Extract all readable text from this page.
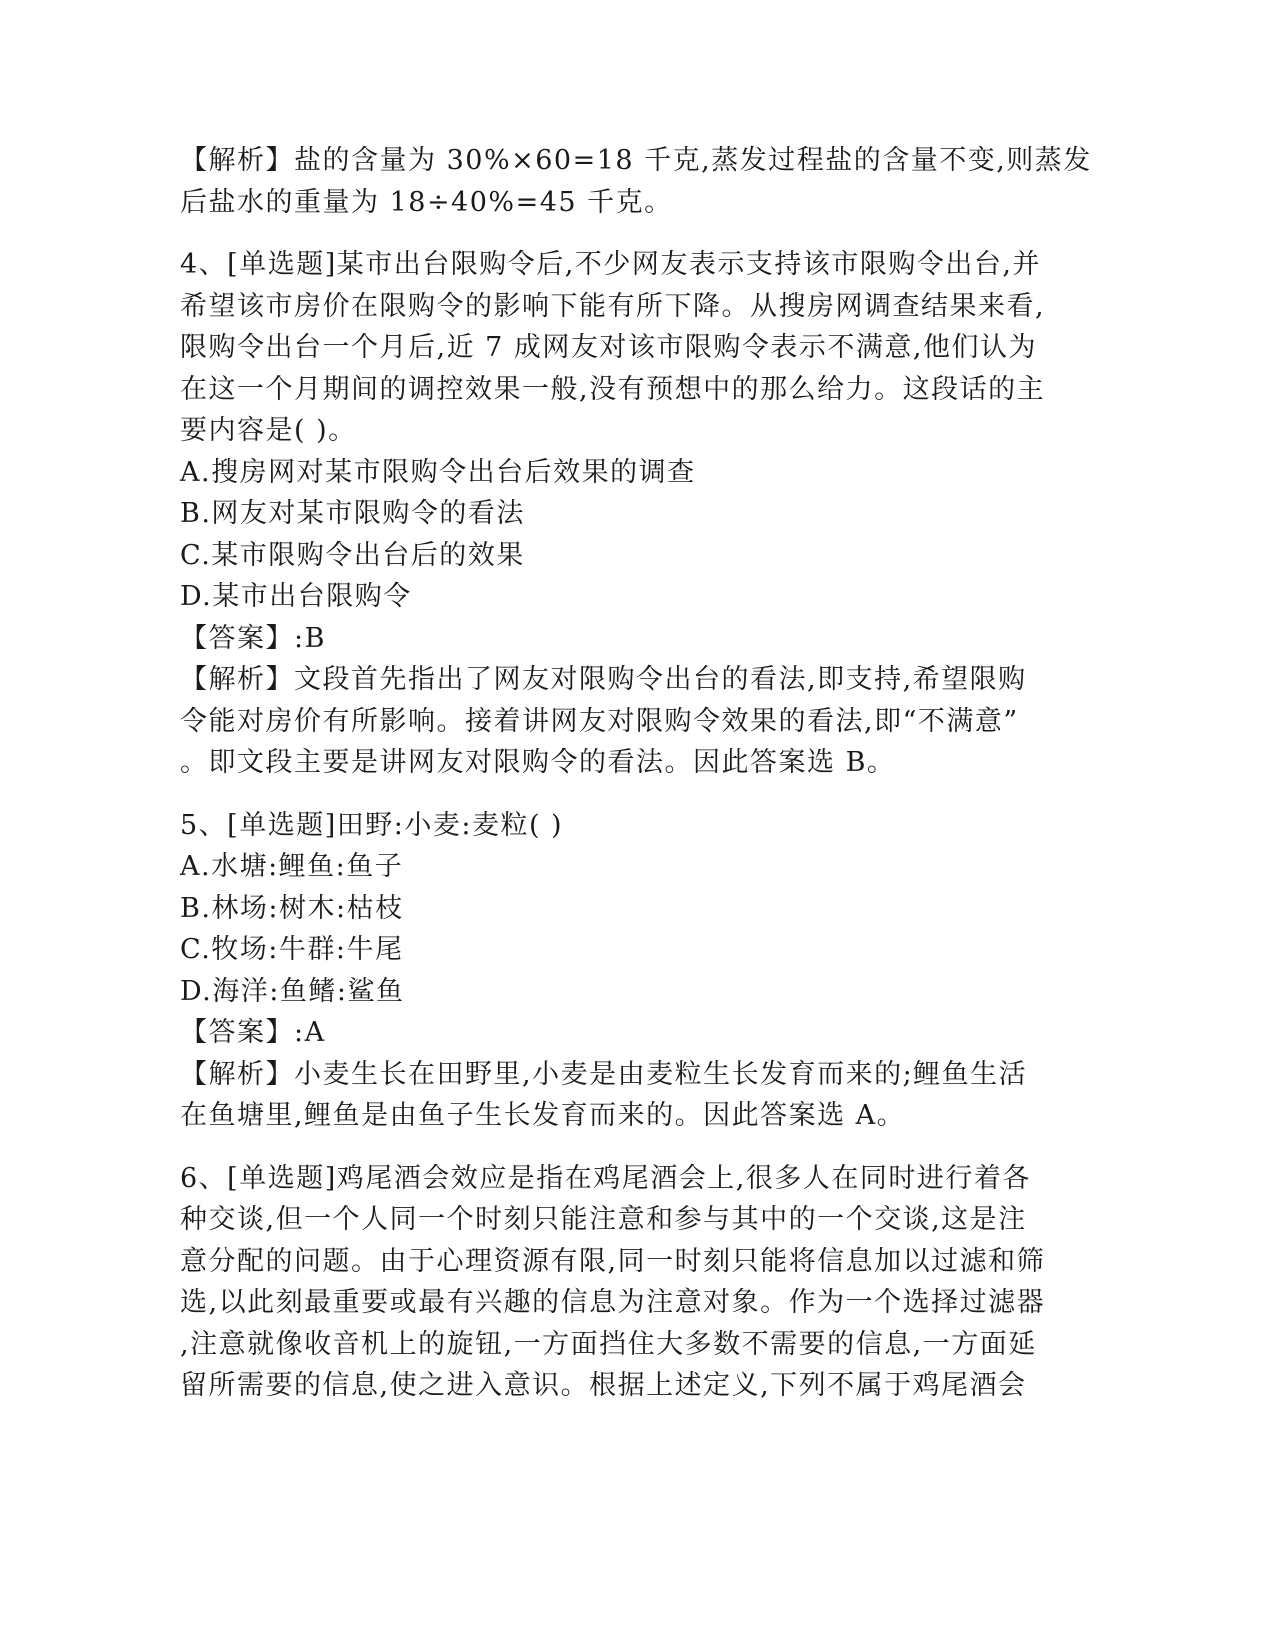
【解析】盐的含量为 30%×60=18 千克,蒸发过程盐的含量不变,则蒸发
后盐水的重量为 18÷40%=45 千克。
4、[单选题]某市出台限购令后,不少网友表示支持该市限购令出台,并
希望该市房价在限购令的影响下能有所下降。从搜房网调查结果来看,
限购令出台一个月后,近 7 成网友对该市限购令表示不满意,他们认为
在这一个月期间的调控效果一般,没有预想中的那么给力。这段话的主
要内容是( )。
A.搜房网对某市限购令出台后效果的调查
B.网友对某市限购令的看法
C.某市限购令出台后的效果
D.某市出台限购令
【答案】:B
【解析】文段首先指出了网友对限购令出台的看法,即支持,希望限购
令能对房价有所影响。接着讲网友对限购令效果的看法,即“不满意”
。即文段主要是讲网友对限购令的看法。因此答案选 B。
5、[单选题]田野:小麦:麦粒( )
A.水塘:鲤鱼:鱼子
B.林场:树木:枯枝
C.牧场:牛群:牛尾
D.海洋:鱼鳍:鲨鱼
【答案】:A
【解析】小麦生长在田野里,小麦是由麦粒生长发育而来的;鲤鱼生活
在鱼塘里,鲤鱼是由鱼子生长发育而来的。因此答案选 A。
6、[单选题]鸡尾酒会效应是指在鸡尾酒会上,很多人在同时进行着各
种交谈,但一个人同一个时刻只能注意和参与其中的一个交谈,这是注
意分配的问题。由于心理资源有限,同一时刻只能将信息加以过滤和筛
选,以此刻最重要或最有兴趣的信息为注意对象。作为一个选择过滤器
,注意就像收音机上的旋钮,一方面挡住大多数不需要的信息,一方面延
留所需要的信息,使之进入意识。根据上述定义,下列不属于鸡尾酒会
